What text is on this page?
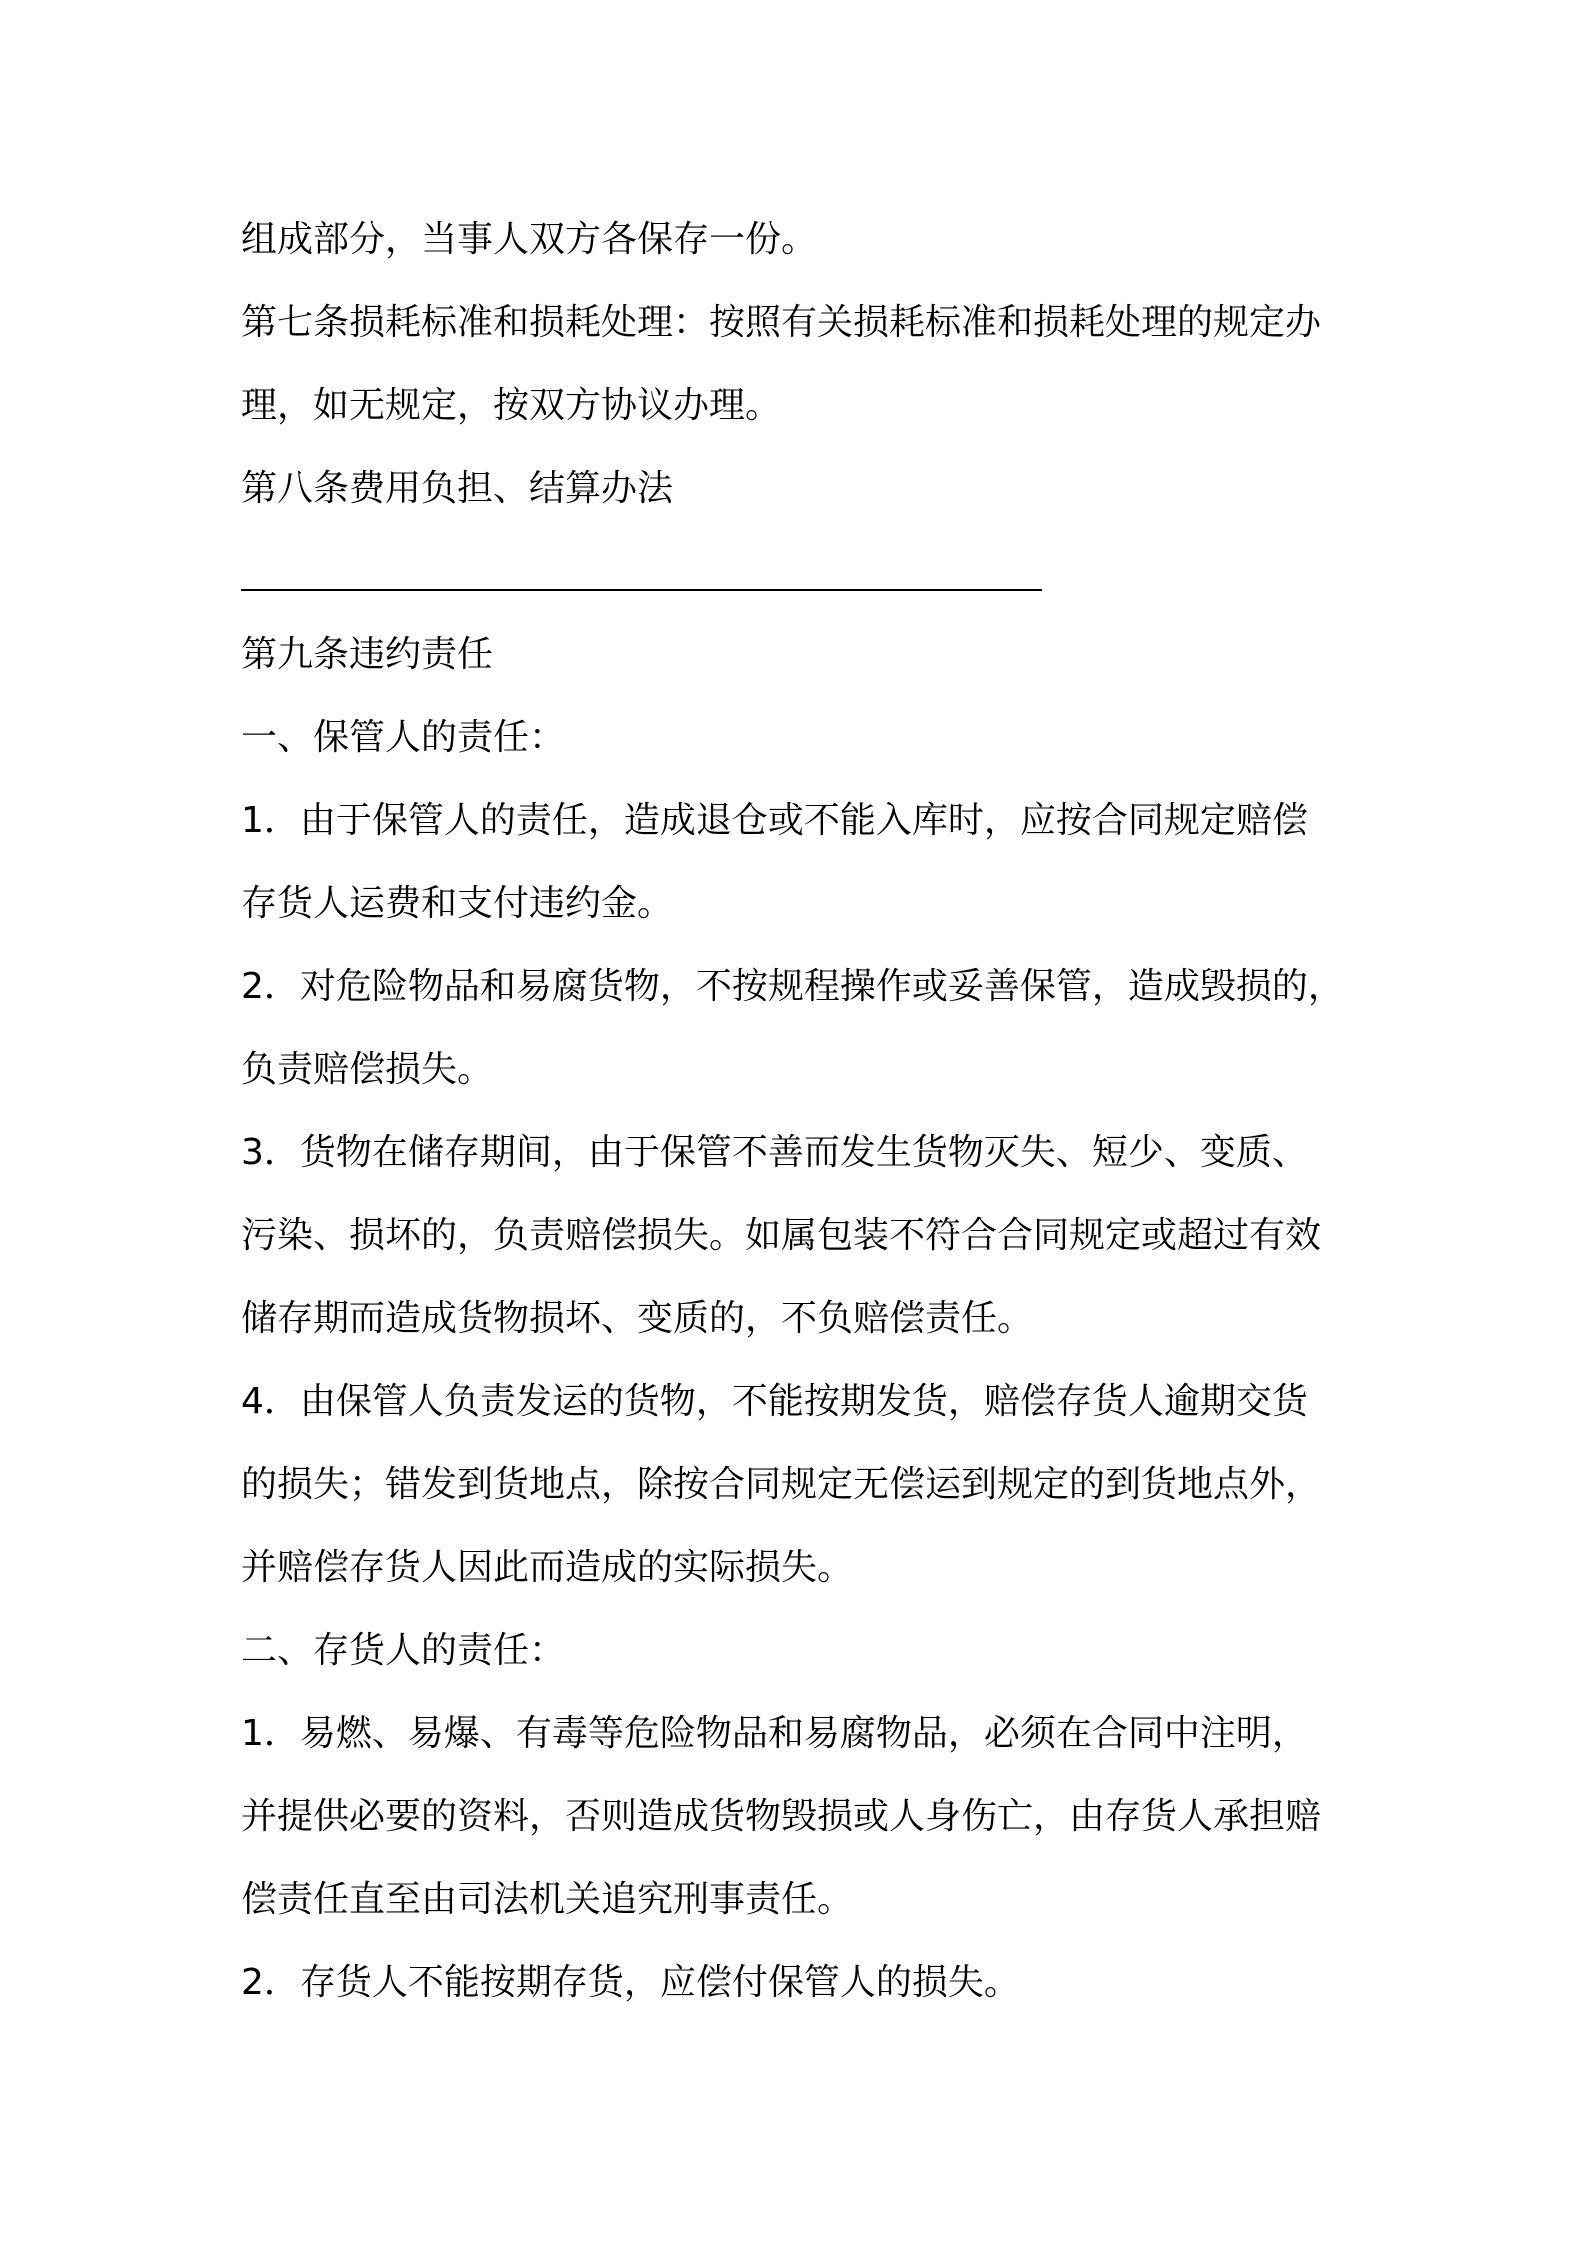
组成部分，当事人双方各保存一份。
第七条损耗标准和损耗处理：按照有关损耗标准和损耗处理的规定办
理，如无规定，按双方协议办理。
第八条费用负担、结算办法
第九条违约责任
一、保管人的责任：
1．由于保管人的责任，造成退仓或不能入库时，应按合同规定赔偿
存货人运费和支付违约金。
2．对危险物品和易腐货物，不按规程操作或妥善保管，造成毁损的，
负责赔偿损失。
3．货物在储存期间，由于保管不善而发生货物灭失、短少、变质、
污染、损坏的，负责赔偿损失。如属包装不符合合同规定或超过有效
储存期而造成货物损坏、变质的，不负赔偿责任。
4．由保管人负责发运的货物，不能按期发货，赔偿存货人逾期交货
的损失；错发到货地点，除按合同规定无偿运到规定的到货地点外，
并赔偿存货人因此而造成的实际损失。
二、存货人的责任：
1．易燃、易爆、有毒等危险物品和易腐物品，必须在合同中注明，
并提供必要的资料，否则造成货物毁损或人身伤亡，由存货人承担赔
偿责任直至由司法机关追究刑事责任。
2．存货人不能按期存货，应偿付保管人的损失。
